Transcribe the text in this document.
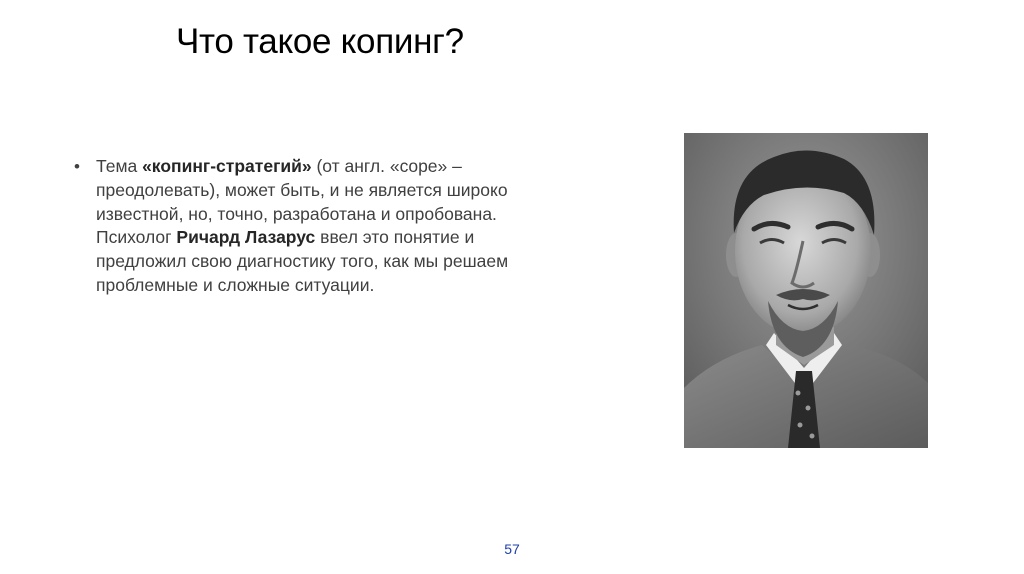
Что такое копинг?
• Тема «копинг-стратегий» (от англ. «cope» –
преодолевать), может быть, и не является широко
известной, но, точно, разработана и опробована.
Психолог Ричард Лазарус ввел это понятие и
предложил свою диагностику того, как мы решаем
проблемные и сложные ситуации.
57
